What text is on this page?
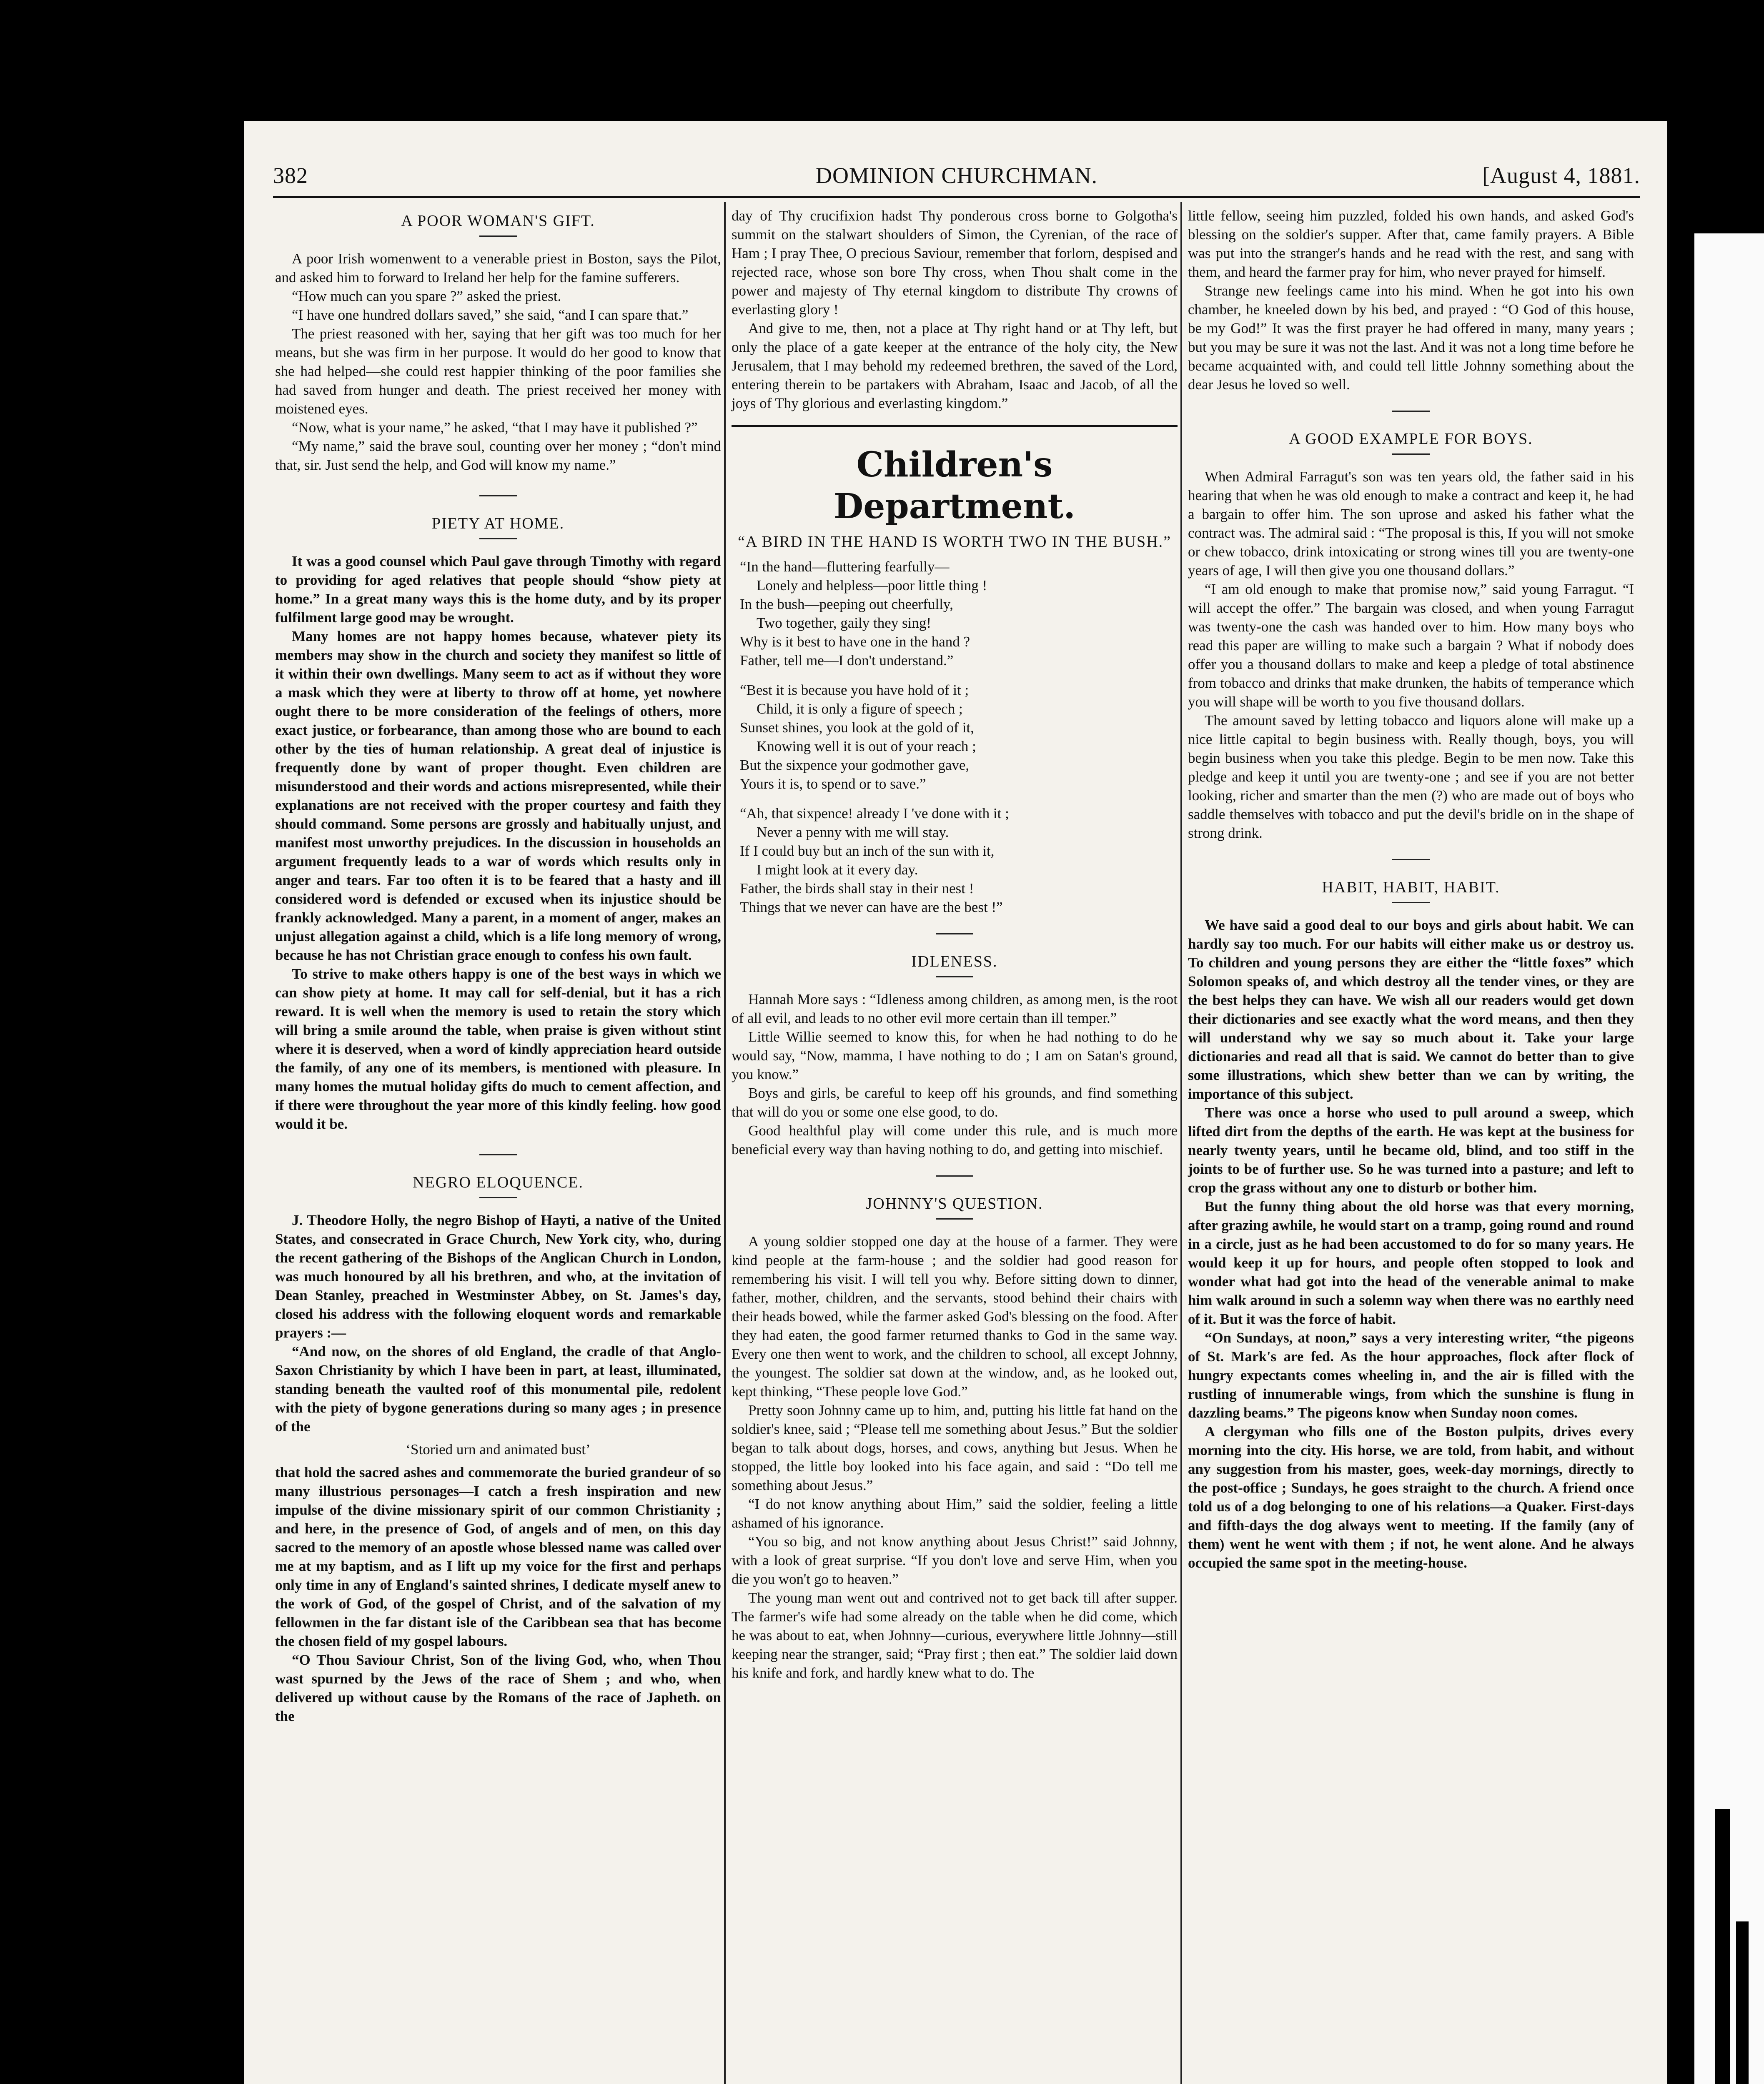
382	DOMINION CHURCHMAN.	[August 4, 1881.
A POOR WOMAN'S GIFT.

A poor Irish womenwent to a venerable priest in Boston, says the Pilot, and asked him to forward to Ireland her help for the famine sufferers.

“How much can you spare ?” asked the priest.

“I have one hundred dollars saved,” she said, “and I can spare that.”

The priest reasoned with her, saying that her gift was too much for her means, but she was firm in her purpose. It would do her good to know that she had helped—she could rest happier thinking of the poor families she had saved from hunger and death. The priest received her money with moistened eyes.

“Now, what is your name,” he asked, “that I may have it published ?”

“My name,” said the brave soul, counting over her money ; “don't mind that, sir. Just send the help, and God will know my name.”

PIETY AT HOME.

It was a good counsel which Paul gave through Timothy with regard to providing for aged relatives that people should “show piety at home.” In a great many ways this is the home duty, and by its proper fulfilment large good may be wrought.

Many homes are not happy homes because, whatever piety its members may show in the church and society they manifest so little of it within their own dwellings. Many seem to act as if without they wore a mask which they were at liberty to throw off at home, yet nowhere ought there to be more consideration of the feelings of others, more exact justice, or forbearance, than among those who are bound to each other by the ties of human relationship. A great deal of injustice is frequently done by want of proper thought. Even children are misunderstood and their words and actions misrepresented, while their explanations are not received with the proper courtesy and faith they should command. Some persons are grossly and habitually unjust, and manifest most unworthy prejudices. In the discussion in households an argument frequently leads to a war of words which results only in anger and tears. Far too often it is to be feared that a hasty and ill considered word is defended or excused when its injustice should be frankly acknowledged. Many a parent, in a moment of anger, makes an unjust allegation against a child, which is a life long memory of wrong, because he has not Christian grace enough to confess his own fault.

To strive to make others happy is one of the best ways in which we can show piety at home. It may call for self-denial, but it has a rich reward. It is well when the memory is used to retain the story which will bring a smile around the table, when praise is given without stint where it is deserved, when a word of kindly appreciation heard outside the family, of any one of its members, is mentioned with pleasure. In many homes the mutual holiday gifts do much to cement affection, and if there were throughout the year more of this kindly feeling. how good would it be.

NEGRO ELOQUENCE.

J. Theodore Holly, the negro Bishop of Hayti, a native of the United States, and consecrated in Grace Church, New York city, who, during the recent gathering of the Bishops of the Anglican Church in London, was much honoured by all his brethren, and who, at the invitation of Dean Stanley, preached in Westminster Abbey, on St. James's day, closed his address with the following eloquent words and remarkable prayers :—

“And now, on the shores of old England, the cradle of that Anglo-Saxon Christianity by which I have been in part, at least, illuminated, standing beneath the vaulted roof of this monumental pile, redolent with the piety of bygone generations during so many ages ; in presence of the

‘Storied urn and animated bust’

that hold the sacred ashes and commemorate the buried grandeur of so many illustrious personages—I catch a fresh inspiration and new impulse of the divine missionary spirit of our common Christianity ; and here, in the presence of God, of angels and of men, on this day sacred to the memory of an apostle whose blessed name was called over me at my baptism, and as I lift up my voice for the first and perhaps only time in any of England's sainted shrines, I dedicate myself anew to the work of God, of the gospel of Christ, and of the salvation of my fellowmen in the far distant isle of the Caribbean sea that has become the chosen field of my gospel labours.

“O Thou Saviour Christ, Son of the living God, who, when Thou wast spurned by the Jews of the race of Shem ; and who, when delivered up without cause by the Romans of the race of Japheth. on the

day of Thy crucifixion hadst Thy ponderous cross borne to Golgotha's summit on the stalwart shoulders of Simon, the Cyrenian, of the race of Ham ; I pray Thee, O precious Saviour, remember that forlorn, despised and rejected race, whose son bore Thy cross, when Thou shalt come in the power and majesty of Thy eternal kingdom to distribute Thy crowns of everlasting glory !

And give to me, then, not a place at Thy right hand or at Thy left, but only the place of a gate keeper at the entrance of the holy city, the New Jerusalem, that I may behold my redeemed brethren, the saved of the Lord, entering therein to be partakers with Abraham, Isaac and Jacob, of all the joys of Thy glorious and everlasting kingdom.”

Children's Department.
“A BIRD IN THE HAND IS WORTH TWO IN THE BUSH.”
“In the hand—fluttering fearfully—
Lonely and helpless—poor little thing !
In the bush—peeping out cheerfully,
Two together, gaily they sing!
Why is it best to have one in the hand ?
Father, tell me—I don't understand.”
“Best it is because you have hold of it ;
Child, it is only a figure of speech ;
Sunset shines, you look at the gold of it,
Knowing well it is out of your reach ;
But the sixpence your godmother gave,
Yours it is, to spend or to save.”
“Ah, that sixpence! already I 've done with it ;
Never a penny with me will stay.
If I could buy but an inch of the sun with it,
I might look at it every day.
Father, the birds shall stay in their nest !
Things that we never can have are the best !”
IDLENESS.

Hannah More says : “Idleness among children, as among men, is the root of all evil, and leads to no other evil more certain than ill temper.”

Little Willie seemed to know this, for when he had nothing to do he would say, “Now, mamma, I have nothing to do ; I am on Satan's ground, you know.”

Boys and girls, be careful to keep off his grounds, and find something that will do you or some one else good, to do.

Good healthful play will come under this rule, and is much more beneficial every way than having nothing to do, and getting into mischief.

JOHNNY'S QUESTION.

A young soldier stopped one day at the house of a farmer. They were kind people at the farm-house ; and the soldier had good reason for remembering his visit. I will tell you why. Before sitting down to dinner, father, mother, children, and the servants, stood behind their chairs with their heads bowed, while the farmer asked God's blessing on the food. After they had eaten, the good farmer returned thanks to God in the same way. Every one then went to work, and the children to school, all except Johnny, the youngest. The soldier sat down at the window, and, as he looked out, kept thinking, “These people love God.”

Pretty soon Johnny came up to him, and, putting his little fat hand on the soldier's knee, said ; “Please tell me something about Jesus.” But the soldier began to talk about dogs, horses, and cows, anything but Jesus. When he stopped, the little boy looked into his face again, and said : “Do tell me something about Jesus.”

“I do not know anything about Him,” said the soldier, feeling a little ashamed of his ignorance.

“You so big, and not know anything about Jesus Christ!” said Johnny, with a look of great surprise. “If you don't love and serve Him, when you die you won't go to heaven.”

The young man went out and contrived not to get back till after supper. The farmer's wife had some already on the table when he did come, which he was about to eat, when Johnny—curious, everywhere little Johnny—still keeping near the stranger, said; “Pray first ; then eat.” The soldier laid down his knife and fork, and hardly knew what to do. The

little fellow, seeing him puzzled, folded his own hands, and asked God's blessing on the soldier's supper. After that, came family prayers. A Bible was put into the stranger's hands and he read with the rest, and sang with them, and heard the farmer pray for him, who never prayed for himself.

Strange new feelings came into his mind. When he got into his own chamber, he kneeled down by his bed, and prayed : “O God of this house, be my God!” It was the first prayer he had offered in many, many years ; but you may be sure it was not the last. And it was not a long time before he became acquainted with, and could tell little Johnny something about the dear Jesus he loved so well.

A GOOD EXAMPLE FOR BOYS.

When Admiral Farragut's son was ten years old, the father said in his hearing that when he was old enough to make a contract and keep it, he had a bargain to offer him. The son uprose and asked his father what the contract was. The admiral said : “The proposal is this, If you will not smoke or chew tobacco, drink intoxicating or strong wines till you are twenty-one years of age, I will then give you one thousand dollars.”

“I am old enough to make that promise now,” said young Farragut. “I will accept the offer.” The bargain was closed, and when young Farragut was twenty-one the cash was handed over to him. How many boys who read this paper are willing to make such a bargain ? What if nobody does offer you a thousand dollars to make and keep a pledge of total abstinence from tobacco and drinks that make drunken, the habits of temperance which you will shape will be worth to you five thousand dollars.

The amount saved by letting tobacco and liquors alone will make up a nice little capital to begin business with. Really though, boys, you will begin business when you take this pledge. Begin to be men now. Take this pledge and keep it until you are twenty-one ; and see if you are not better looking, richer and smarter than the men (?) who are made out of boys who saddle themselves with tobacco and put the devil's bridle on in the shape of strong drink.

HABIT, HABIT, HABIT.

We have said a good deal to our boys and girls about habit. We can hardly say too much. For our habits will either make us or destroy us. To children and young persons they are either the “little foxes” which Solomon speaks of, and which destroy all the tender vines, or they are the best helps they can have. We wish all our readers would get down their dictionaries and see exactly what the word means, and then they will understand why we say so much about it. Take your large dictionaries and read all that is said. We cannot do better than to give some illustrations, which shew better than we can by writing, the importance of this subject.

There was once a horse who used to pull around a sweep, which lifted dirt from the depths of the earth. He was kept at the business for nearly twenty years, until he became old, blind, and too stiff in the joints to be of further use. So he was turned into a pasture; and left to crop the grass without any one to disturb or bother him.

But the funny thing about the old horse was that every morning, after grazing awhile, he would start on a tramp, going round and round in a circle, just as he had been accustomed to do for so many years. He would keep it up for hours, and people often stopped to look and wonder what had got into the head of the venerable animal to make him walk around in such a solemn way when there was no earthly need of it. But it was the force of habit.

“On Sundays, at noon,” says a very interesting writer, “the pigeons of St. Mark's are fed. As the hour approaches, flock after flock of hungry expectants comes wheeling in, and the air is filled with the rustling of innumerable wings, from which the sunshine is flung in dazzling beams.” The pigeons know when Sunday noon comes.

A clergyman who fills one of the Boston pulpits, drives every morning into the city. His horse, we are told, from habit, and without any suggestion from his master, goes, week-day mornings, directly to the post-office ; Sundays, he goes straight to the church. A friend once told us of a dog belonging to one of his relations—a Quaker. First-days and fifth-days the dog always went to meeting. If the family (any of them) went he went with them ; if not, he went alone. And he always occupied the same spot in the meeting-house.
